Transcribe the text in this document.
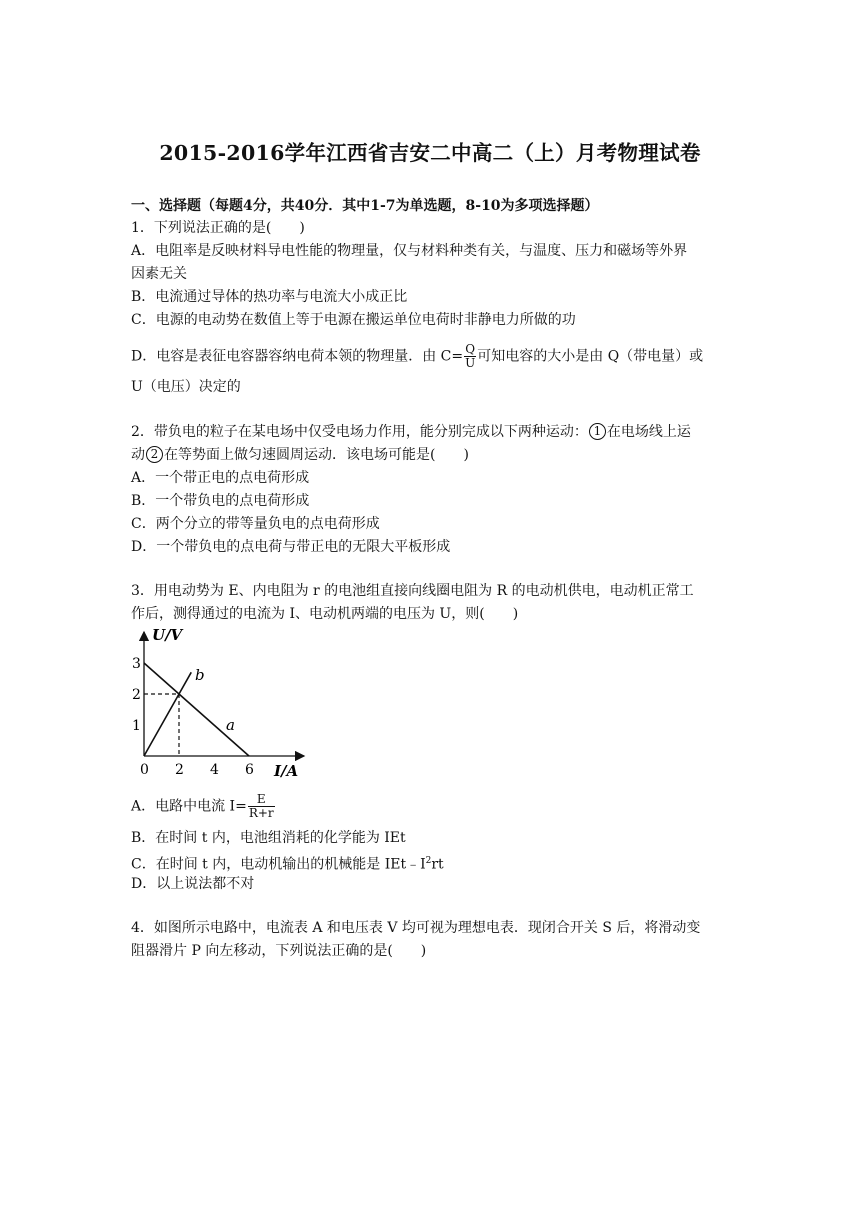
2015-2016学年江西省吉安二中高二（上）月考物理试卷
一、选择题（每题4分，共40分．其中1-7为单选题，8-10为多项选择题）
1．下列说法正确的是(　　)
A．电阻率是反映材料导电性能的物理量，仅与材料种类有关，与温度、压力和磁场等外界
因素无关
B．电流通过导体的热功率与电流大小成正比
C．电源的电动势在数值上等于电源在搬运单位电荷时非静电力所做的功
D．电容是表征电容器容纳电荷本领的物理量．由 $C= \frac{Q}{U}$ 可知电容的大小是由 Q（带电量）或
U（电压）决定的
2．带负电的粒子在某电场中仅受电场力作用，能分别完成以下两种运动： 1 在电场线上运
动 2 在等势面上做匀速圆周运动．该电场可能是(　　)
A．一个带正电的点电荷形成
B．一个带负电的点电荷形成
C．两个分立的带等量负电的点电荷形成
D．一个带负电的点电荷与带正电的无限大平板形成
3．用电动势为 E、内电阻为 r 的电池组直接向线圈电阻为 R 的电动机供电，电动机正常工
作后，测得通过的电流为 I、电动机两端的电压为 U，则(　　)
U/V
I/A
0 2 4 6
1
2
3
a
b
A．电路中电流 $I= \frac{E}{R+r}$
B．在时间 t 内，电池组消耗的化学能为 IEt
C．在时间 t 内，电动机输出的机械能是 $IEt﹣I^2rt$
D．以上说法都不对
4．如图所示电路中，电流表 A 和电压表 V 均可视为理想电表．现闭合开关 S 后，将滑动变
阻器滑片 P 向左移动，下列说法正确的是(　　)
